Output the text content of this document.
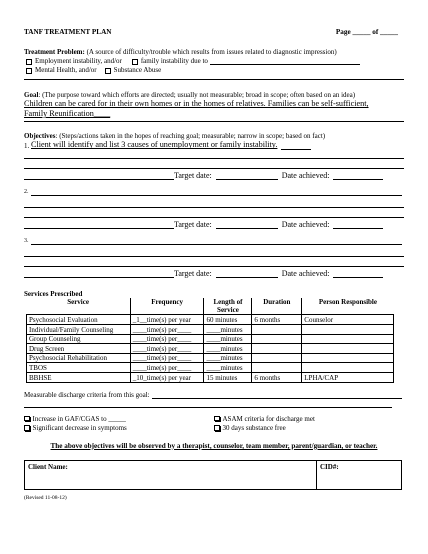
TANF TREATMENT PLAN	Page _____ of _____
Treatment Problem: (A source of difficulty/trouble which results from issues related to diagnostic impression)
Employment instability, and/or	family instability due to
Mental Health, and/or Substance Abuse
Goal: (The purpose toward which efforts are directed; usually not measurable; broad in scope; often based on an idea)
Children can be cared for in their own homes or in the homes of relatives. Families can be self-sufficient,
Family Reunification____
Objectives: (Steps/actions taken in the hopes of reaching goal; measurable; narrow in scope; based on fact)
1.
Client will identify and list 3 causes of unemployment or family instability.
Target date:	Date achieved:
2.
Target date:	Date achieved:
3.
Target date:	Date achieved:
Services Prescribed
Service	Frequency	Length of Service	Duration	Person Responsible
Psychosocial Evaluation	_1__time(s) per year	60 minutes	6 months	Counselor
Individual/Family Counseling	____time(s) per____	____minutes		
Group Counseling	____time(s) per____	____minutes		
Drug Screen	____time(s) per____	____minutes		
Psychosocial Rehabilitation	____time(s) per____	____minutes		
TBOS	____time(s) per____	____minutes		
BBHSE	_10_time(s) per year	15 minutes	6 months	LPHA/CAP
Measurable discharge criteria from this goal:
Increase in GAF/CGAS to _____	ASAM criteria for discharge met
Significant decrease in symptoms	30 days substance free
The above objectives will be observed by a therapist, counselor, team member, parent/guardian, or teacher.
Client Name:	CID#:
(Revised 11-08-12)
